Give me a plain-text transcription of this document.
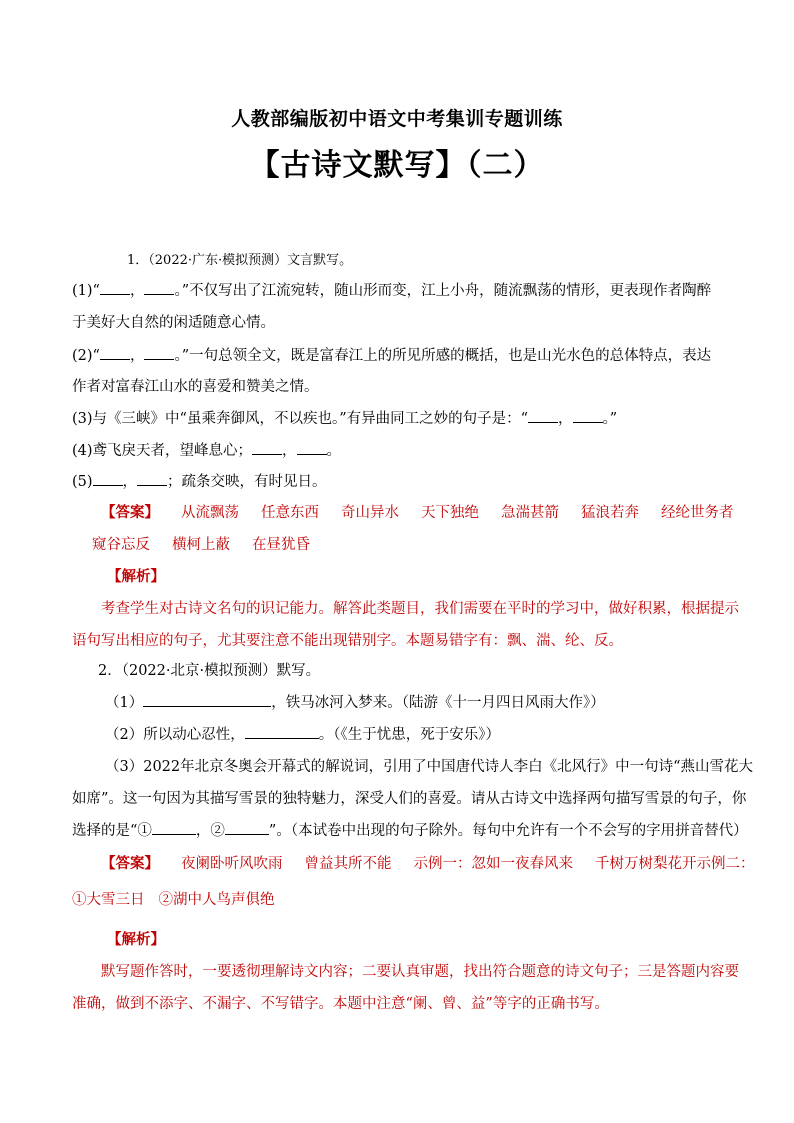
人教部编版初中语文中考集训专题训练
【古诗文默写】（二）
1．（2022·广东·模拟预测）文言默写。
(1)“ ， 。”不仅写出了江流宛转，随山形而变，江上小舟，随流飘荡的情形，更表现作者陶醉
于美好大自然的闲适随意心情。
(2)“ ， 。”一句总领全文，既是富春江上的所见所感的概括，也是山光水色的总体特点，表达
作者对富春江山水的喜爱和赞美之情。
(3)与《三峡》中“虽乘奔御风，不以疾也。”有异曲同工之妙的句子是：“ ， 。”
(4)鸢飞戾天者，望峰息心； ， 。
(5) ， ；疏条交映，有时见日。
【答案】 从流飘荡 任意东西 奇山异水 天下独绝 急湍甚箭 猛浪若奔 经纶世务者
窥谷忘反 横柯上蔽 在昼犹昏
【解析】
考查学生对古诗文名句的识记能力。解答此类题目，我们需要在平时的学习中，做好积累，根据提示
语句写出相应的句子，尤其要注意不能出现错别字。本题易错字有：飘、湍、纶、反。
2．（2022·北京·模拟预测）默写。
（1）	，铁马冰河入梦来。（陆游《十一月四日风雨大作》）
（2）所以动心忍性，	。（《生于忧患，死于安乐》）
（3）2022年北京冬奥会开幕式的解说词，引用了中国唐代诗人李白《北风行》中一句诗“燕山雪花大
如席”。这一句因为其描写雪景的独特魅力，深受人们的喜爱。请从古诗文中选择两句描写雪景的句子，你
选择的是“①	，②	”。（本试卷中出现的句子除外。每句中允许有一个不会写的字用拼音替代）
【答案】 夜阑卧听风吹雨 曾益其所不能 示例一：忽如一夜春风来 千树万树梨花开示例二：
①大雪三日 ②湖中人鸟声俱绝
【解析】
默写题作答时，一要透彻理解诗文内容；二要认真审题，找出符合题意的诗文句子；三是答题内容要
准确，做到不添字、不漏字、不写错字。本题中注意“阑、曾、益”等字的正确书写。
